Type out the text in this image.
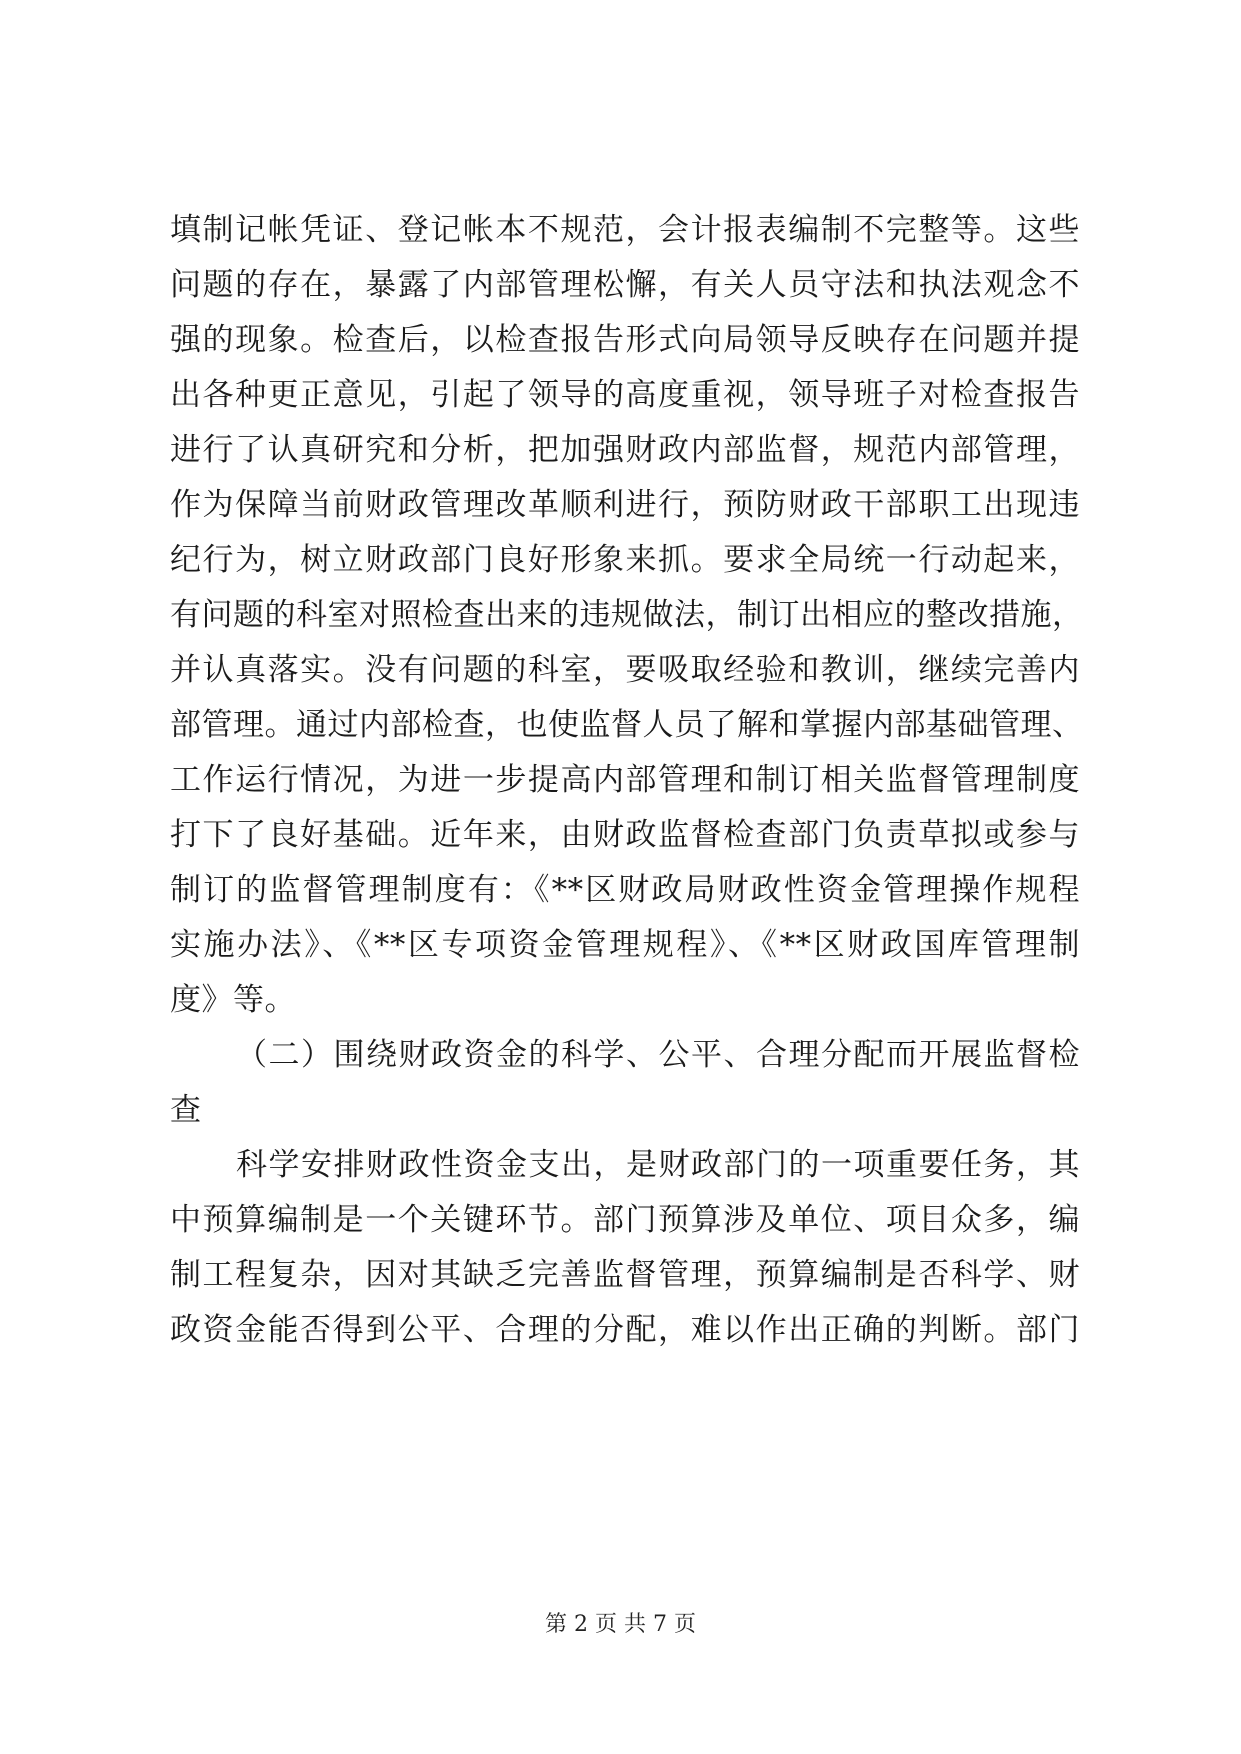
填制记帐凭证、登记帐本不规范，会计报表编制不完整等。这些
问题的存在，暴露了内部管理松懈，有关人员守法和执法观念不
强的现象。检查后，以检查报告形式向局领导反映存在问题并提
出各种更正意见，引起了领导的高度重视，领导班子对检查报告
进行了认真研究和分析，把加强财政内部监督，规范内部管理，
作为保障当前财政管理改革顺利进行，预防财政干部职工出现违
纪行为，树立财政部门良好形象来抓。要求全局统一行动起来，
有问题的科室对照检查出来的违规做法，制订出相应的整改措施，
并认真落实。没有问题的科室，要吸取经验和教训，继续完善内
部管理。通过内部检查，也使监督人员了解和掌握内部基础管理、
工作运行情况，为进一步提高内部管理和制订相关监督管理制度
打下了良好基础。近年来，由财政监督检查部门负责草拟或参与
制订的监督管理制度有：《**区财政局财政性资金管理操作规程
实施办法》、《**区专项资金管理规程》、《**区财政国库管理制
度》等。
（二）围绕财政资金的科学、公平、合理分配而开展监督检
查
科学安排财政性资金支出，是财政部门的一项重要任务，其
中预算编制是一个关键环节。部门预算涉及单位、项目众多，编
制工程复杂，因对其缺乏完善监督管理，预算编制是否科学、财
政资金能否得到公平、合理的分配，难以作出正确的判断。部门
第 2 页 共 7 页
